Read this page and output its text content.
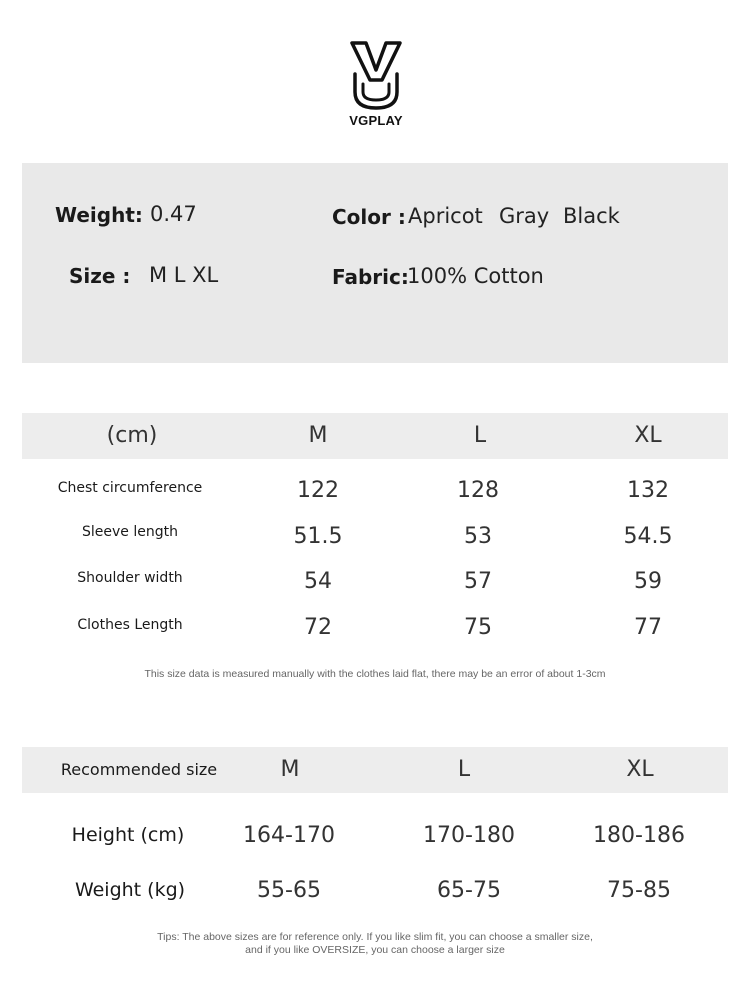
VGPLAY
Weight: 0.47
Size : M L XL
Color : Apricot Gray Black
Fabric:
100% Cotton
(cm)	M	L	XL
Chest circumference	122	128	132
Sleeve length	51.5	53	54.5
Shoulder width	54	57	59
Clothes Length	72	75	77
This size data is measured manually with the clothes laid flat, there may be an error of about 1-3cm
Recommended size	M	L	XL
Height (cm)	164-170	170-180	180-186
Weight (kg)	55-65	65-75	75-85
Tips: The above sizes are for reference only. If you like slim fit, you can choose a smaller size,
and if you like OVERSIZE, you can choose a larger size
